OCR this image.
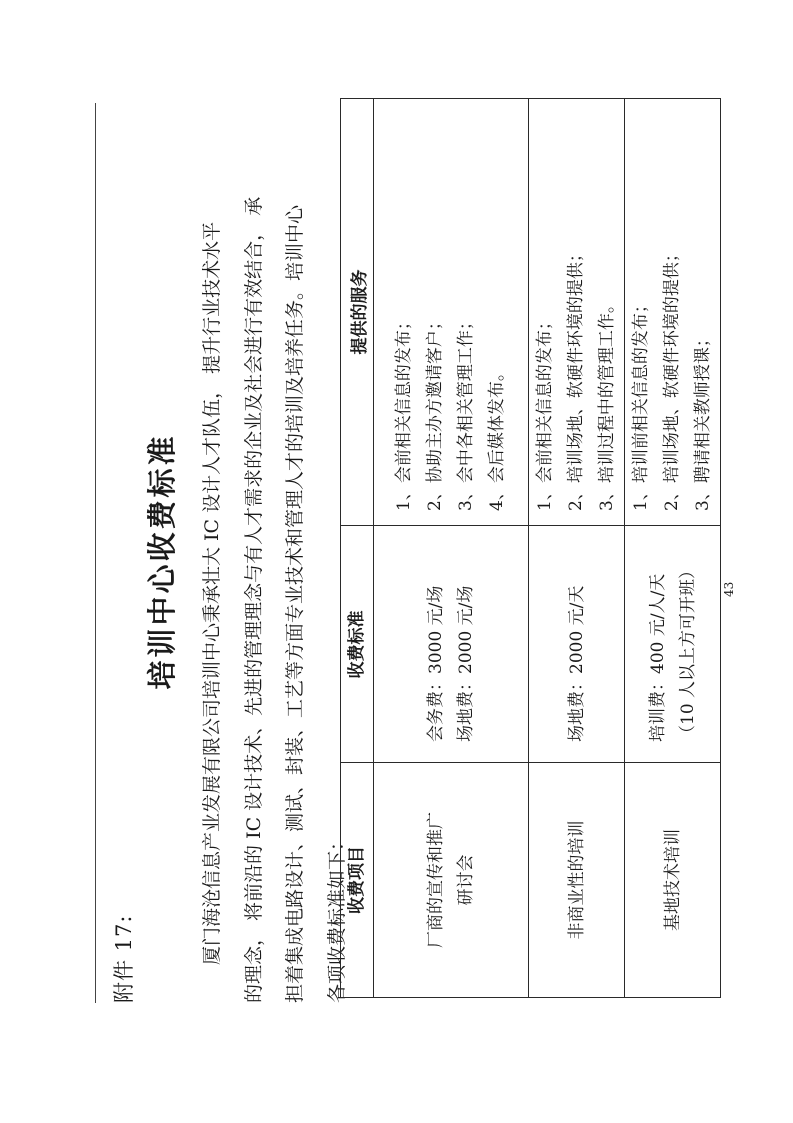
附件 17:
培训中心收费标准	厦门海沧信息产业发展有限公司培训中心秉承壮大 IC 设计人才队伍， 提升行业技术水平	的理念， 将前沿的 IC 设计技术、先进的管理理念与有人才需求的企业及社会进行有效结合， 承	担着集成电路设计、测试、封装、工艺等方面专业技术和管理人才的培训及培养任务。培训中心	各项收费标准如下： 收费项目	收费标准	提供的服务

厂商的宣传和推广 研讨会	会务费：3000 元/场 场地费：2000 元/场	1、会前相关信息的发布； 2、协助主办方邀请客户； 3、会中各相关管理工作； 4、会后媒体发布。

非商业性的培训	场地费：2000 元/天	1、会前相关信息的发布； 2、培训场地、软硬件环境的提供； 3、培训过程中的管理工作。

基地技术培训	培训费：400 元/人/天 （10 人以上方可开班）	1、培训前相关信息的发布； 2、培训场地、软硬件环境的提供； 3、聘请相关教师授课；
43
